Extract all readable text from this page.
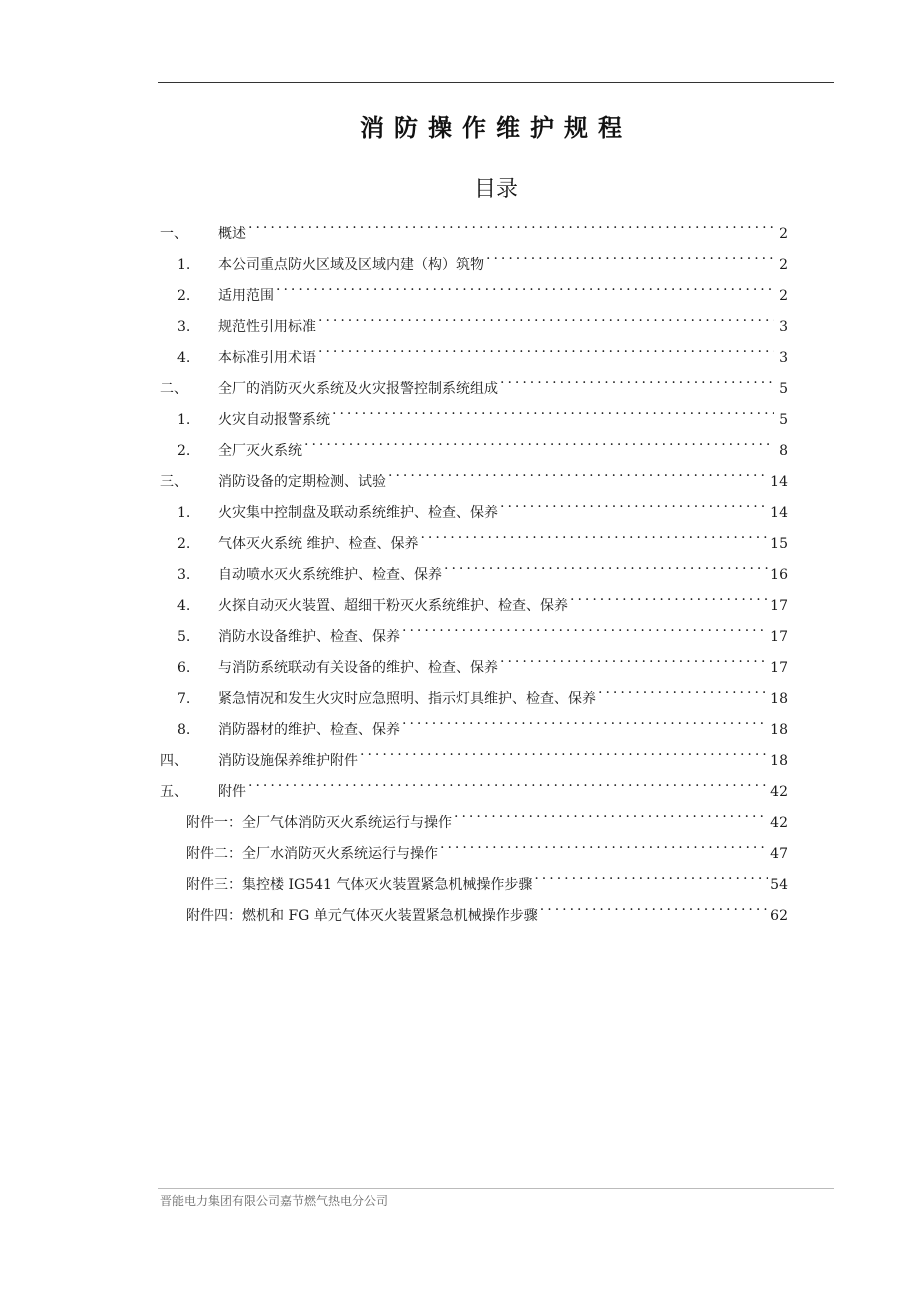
消防操作维护规程
目录
一、	概述 .....	2
1.	本公司重点防火区域及区域内建（构）筑物 .....	2
2.	适用范围 .....	2
3.	规范性引用标准 .....	3
4.	本标准引用术语 .....	3
二、	全厂的消防灭火系统及火灾报警控制系统组成 .....	5
1.	火灾自动报警系统 .....	5
2.	全厂灭火系统 .....	8
三、	消防设备的定期检测、试验 .....	14
1.	火灾集中控制盘及联动系统维护、检查、保养 .....	14
2.	气体灭火系统 维护、检查、保养 .....	15
3.	自动喷水灭火系统维护、检查、保养 .....	16
4.	火探自动灭火装置、超细干粉灭火系统维护、检查、保养 .....	17
5.	消防水设备维护、检查、保养 .....	17
6.	与消防系统联动有关设备的维护、检查、保养 .....	17
7.	紧急情况和发生火灾时应急照明、指示灯具维护、检查、保养 .....	18
8.	消防器材的维护、检查、保养 .....	18
四、	消防设施保养维护附件 .....	18
五、	附件 .....	42
附件一：全厂气体消防灭火系统运行与操作 .....	42
附件二：全厂水消防灭火系统运行与操作 .....	47
附件三：集控楼 IG541 气体灭火装置紧急机械操作步骤 .....	54
附件四：燃机和 FG 单元气体灭火装置紧急机械操作步骤 .....	62
晋能电力集团有限公司嘉节燃气热电分公司
